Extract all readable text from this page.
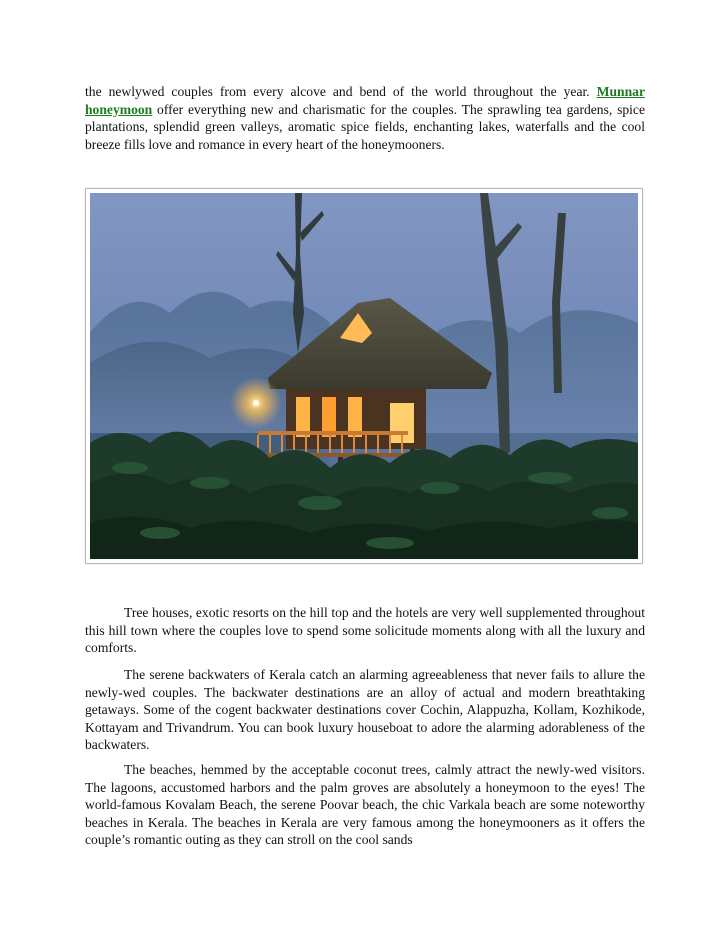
the newlywed couples from every alcove and bend of the world throughout the year. Munnar honeymoon offer everything new and charismatic for the couples. The sprawling tea gardens, spice plantations, splendid green valleys, aromatic spice fields, enchanting lakes, waterfalls and the cool breeze fills love and romance in every heart of the honeymooners.

Tree houses, exotic resorts on the hill top and the hotels are very well supplemented throughout this hill town where the couples love to spend some solicitude moments along with all the luxury and comforts.

The serene backwaters of Kerala catch an alarming agreeableness that never fails to allure the newly-wed couples. The backwater destinations are an alloy of actual and modern breathtaking getaways. Some of the cogent backwater destinations cover Cochin, Alappuzha, Kollam, Kozhikode, Kottayam and Trivandrum. You can book luxury houseboat to adore the alarming adorableness of the backwaters.

The beaches, hemmed by the acceptable coconut trees, calmly attract the newly-wed visitors. The lagoons, accustomed harbors and the palm groves are absolutely a honeymoon to the eyes! The world-famous Kovalam Beach, the serene Poovar beach, the chic Varkala beach are some noteworthy beaches in Kerala. The beaches in Kerala are very famous among the honeymooners as it offers the couple’s romantic outing as they can stroll on the cool sands
